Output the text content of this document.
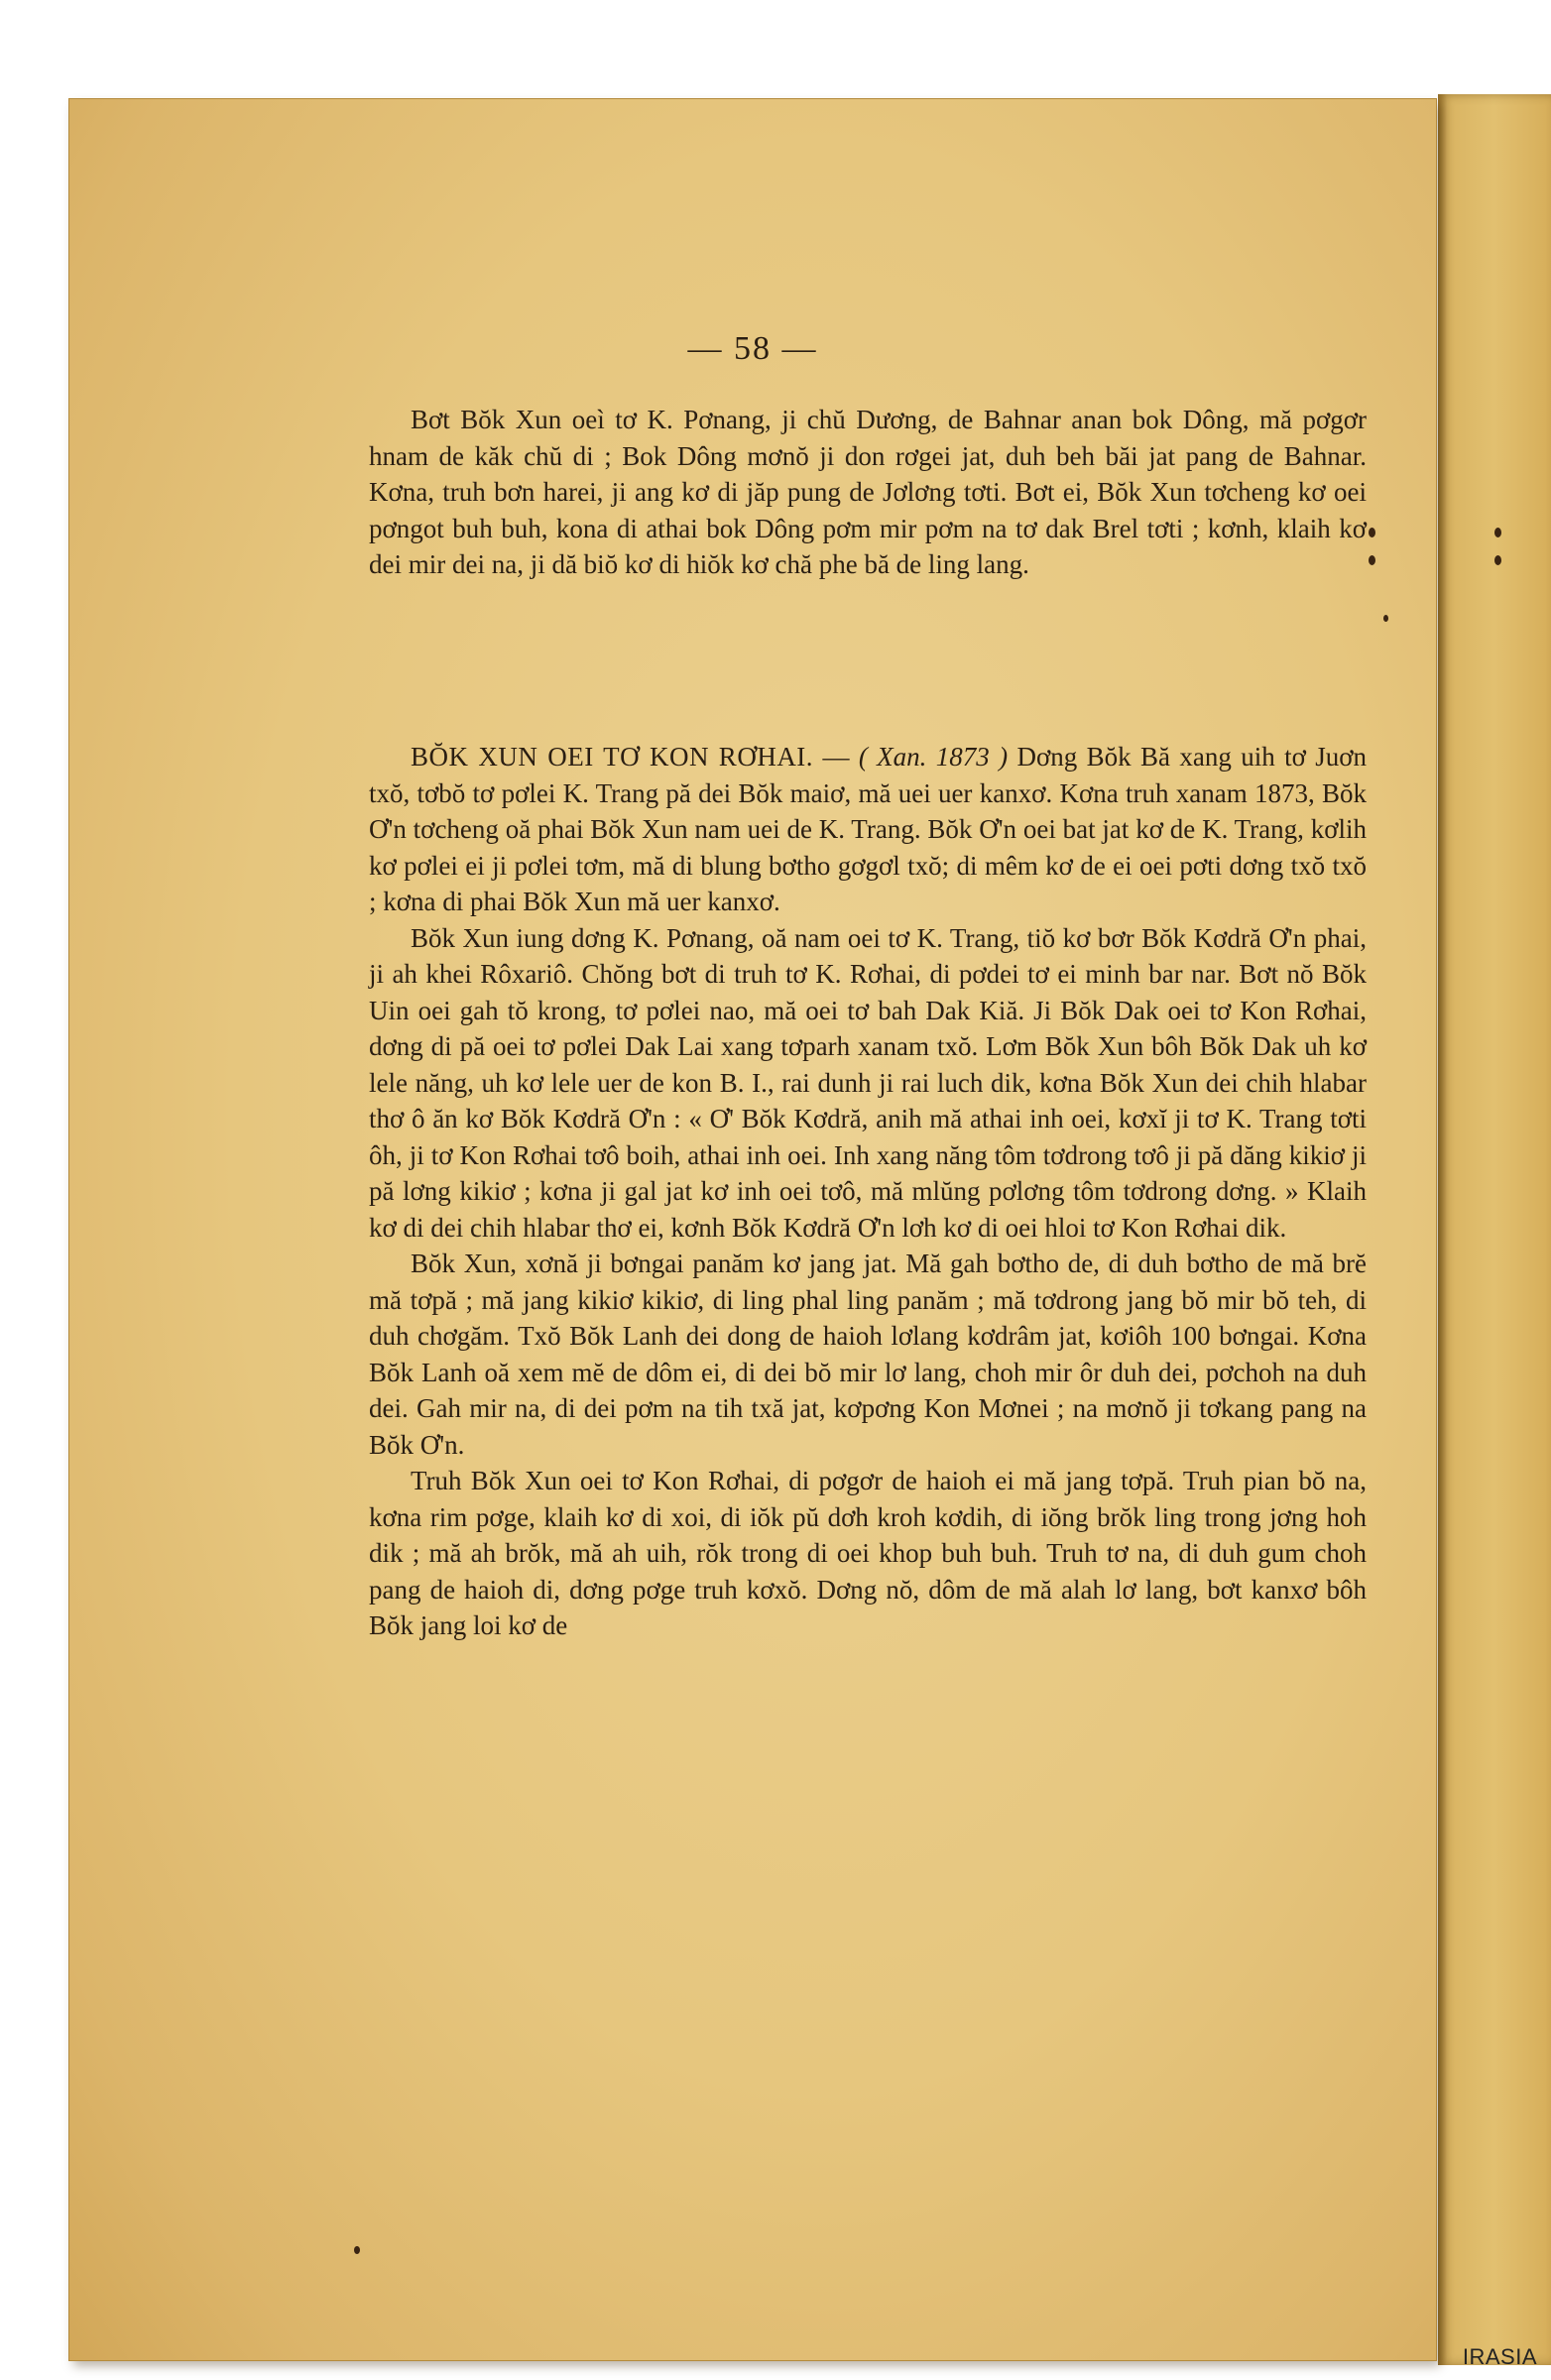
— 58 —

Bơt Bŏk Xun oeì tơ K. Pơnang, ji chŭ Dương, de Bahnar anan bok Dông, mă pơgơr hnam de kăk chŭ di ; Bok Dông mơnŏ ji don rơgei jat, duh beh băi jat pang de Bahnar. Kơna, truh bơn harei, ji ang kơ di jăp pung de Jơlơng tơti. Bơt ei, Bŏk Xun tơcheng kơ oei pơngot buh buh, kona di athai bok Dông pơm mir pơm na tơ dak Brel tơti ; kơnh, klaih kơ dei mir dei na, ji dă biŏ kơ di hiŏk kơ chă phe bă de ling lang.

BŎK XUN OEI TƠ KON RƠHAI. — ( Xan. 1873 ) Dơng Bŏk Bă xang uih tơ Juơn txŏ, tơbŏ tơ pơlei K. Trang pă dei Bŏk maiơ, mă uei uer kanxơ. Kơna truh xanam 1873, Bŏk Ơ'n tơcheng oă phai Bŏk Xun nam uei de K. Trang. Bŏk Ơ'n oei bat jat kơ de K. Trang, kơlih kơ pơlei ei ji pơlei tơm, mă di blung bơtho gơgơl txŏ; di mêm kơ de ei oei pơti dơng txŏ txŏ ; kơna di phai Bŏk Xun mă uer kanxơ.

Bŏk Xun iung dơng K. Pơnang, oă nam oei tơ K. Trang, tiŏ kơ bơr Bŏk Kơdră Ơ'n phai, ji ah khei Rôxariô. Chŏng bơt di truh tơ K. Rơhai, di pơdei tơ ei minh bar nar. Bơt nŏ Bŏk Uin oei gah tŏ krong, tơ pơlei nao, mă oei tơ bah Dak Kiă. Ji Bŏk Dak oei tơ Kon Rơhai, dơng di pă oei tơ pơlei Dak Lai xang tơparh xanam txŏ. Lơm Bŏk Xun bôh Bŏk Dak uh kơ lele năng, uh kơ lele uer de kon B. I., rai dunh ji rai luch dik, kơna Bŏk Xun dei chih hlabar thơ ô ăn kơ Bŏk Kơdră Ơ'n : « Ơ' Bŏk Kơdră, anih mă athai inh oei, kơxĭ ji tơ K. Trang tơti ôh, ji tơ Kon Rơhai tơô boih, athai inh oei. Inh xang năng tôm tơdrong tơô ji pă dăng kikiơ ji pă lơng kikiơ ; kơna ji gal jat kơ inh oei tơô, mă mlŭng pơlơng tôm tơdrong dơng. » Klaih kơ di dei chih hlabar thơ ei, kơnh Bŏk Kơdră Ơ'n lơh kơ di oei hloi tơ Kon Rơhai dik.

Bŏk Xun, xơnă ji bơngai panăm kơ jang jat. Mă gah bơtho de, di duh bơtho de mă brĕ mă tơpă ; mă jang kikiơ kikiơ, di ling phal ling panăm ; mă tơdrong jang bŏ mir bŏ teh, di duh chơgăm. Txŏ Bŏk Lanh dei dong de haioh lơlang kơdrâm jat, kơiôh 100 bơngai. Kơna Bŏk Lanh oă xem mĕ de dôm ei, di dei bŏ mir lơ lang, choh mir ôr duh dei, pơchoh na duh dei. Gah mir na, di dei pơm na tih txă jat, kơpơng Kon Mơnei ; na mơnŏ ji tơkang pang na Bŏk Ơ'n.

Truh Bŏk Xun oei tơ Kon Rơhai, di pơgơr de haioh ei mă jang tơpă. Truh pian bŏ na, kơna rim pơge, klaih kơ di xoi, di iŏk pŭ dơh kroh kơdih, di iŏng brŏk ling trong jơng hoh dik ; mă ah brŏk, mă ah uih, rŏk trong di oei khop buh buh. Truh tơ na, di duh gum choh pang de haioh di, dơng pơge truh kơxŏ. Dơng nŏ, dôm de mă alah lơ lang, bơt kanxơ bôh Bŏk jang loi kơ de

IRASIA
